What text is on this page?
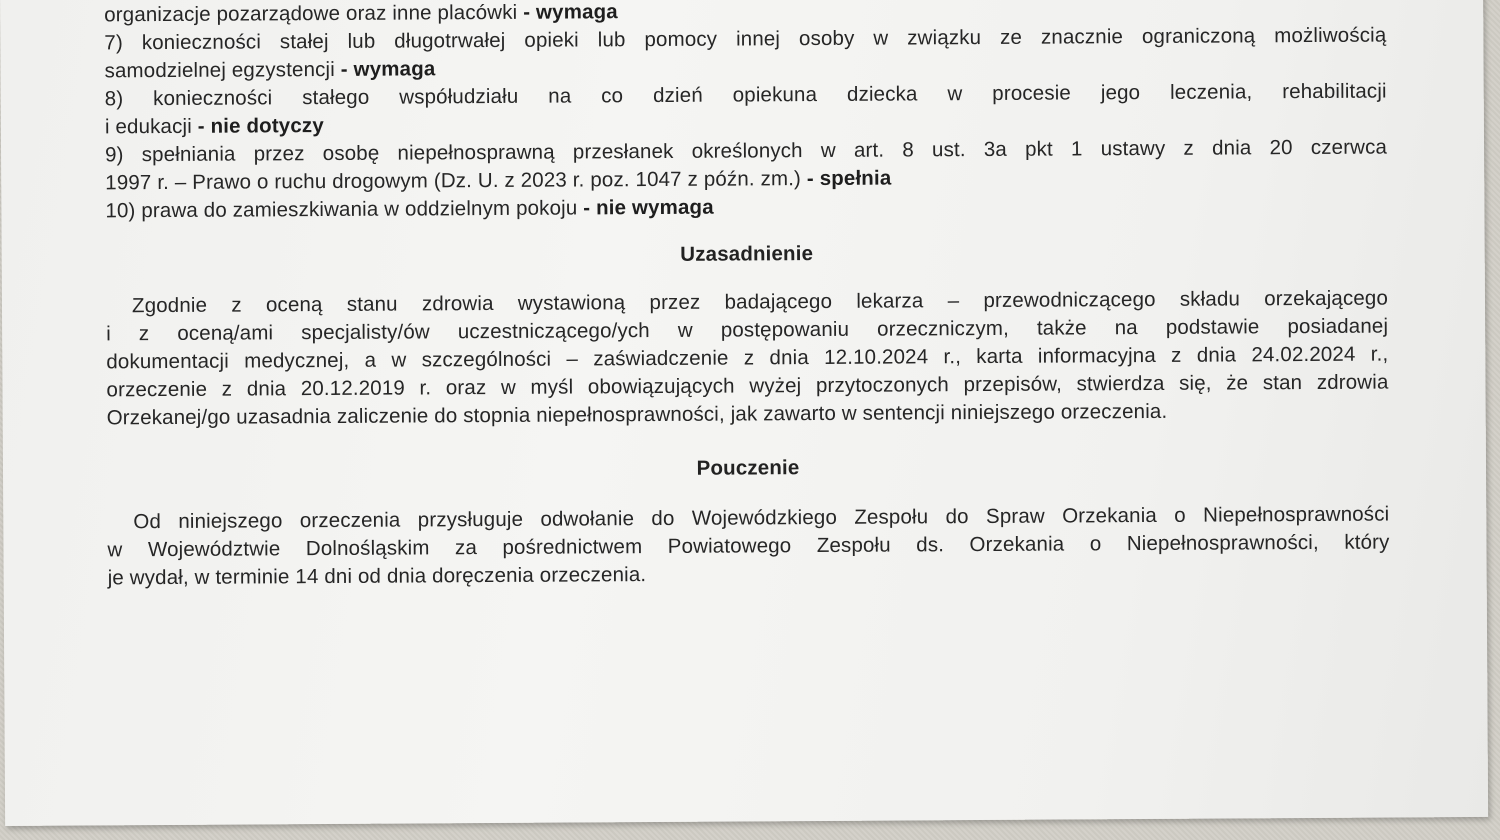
organizacje pozarządowe oraz inne placówki - wymaga
7) konieczności stałej lub długotrwałej opieki lub pomocy innej osoby w związku ze znacznie ograniczoną możliwością
samodzielnej egzystencji - wymaga
8) konieczności stałego współudziału na co dzień opiekuna dziecka w procesie jego leczenia, rehabilitacji
i edukacji - nie dotyczy
9) spełniania przez osobę niepełnosprawną przesłanek określonych w art. 8 ust. 3a pkt 1 ustawy z dnia 20 czerwca
1997 r. – Prawo o ruchu drogowym (Dz. U. z 2023 r. poz. 1047 z późn. zm.) - spełnia
10) prawa do zamieszkiwania w oddzielnym pokoju - nie wymaga
Uzasadnienie
Zgodnie z oceną stanu zdrowia wystawioną przez badającego lekarza – przewodniczącego składu orzekającego
i z oceną/ami specjalisty/ów uczestniczącego/ych w postępowaniu orzeczniczym, także na podstawie posiadanej
dokumentacji medycznej, a w szczególności – zaświadczenie z dnia 12.10.2024 r., karta informacyjna z dnia 24.02.2024 r.,
orzeczenie z dnia 20.12.2019 r. oraz w myśl obowiązujących wyżej przytoczonych przepisów, stwierdza się, że stan zdrowia
Orzekanej/go uzasadnia zaliczenie do stopnia niepełnosprawności, jak zawarto w sentencji niniejszego orzeczenia.
Pouczenie
Od niniejszego orzeczenia przysługuje odwołanie do Wojewódzkiego Zespołu do Spraw Orzekania o Niepełnosprawności
w Województwie Dolnośląskim za pośrednictwem Powiatowego Zespołu ds. Orzekania o Niepełnosprawności, który
je wydał, w terminie 14 dni od dnia doręczenia orzeczenia.
